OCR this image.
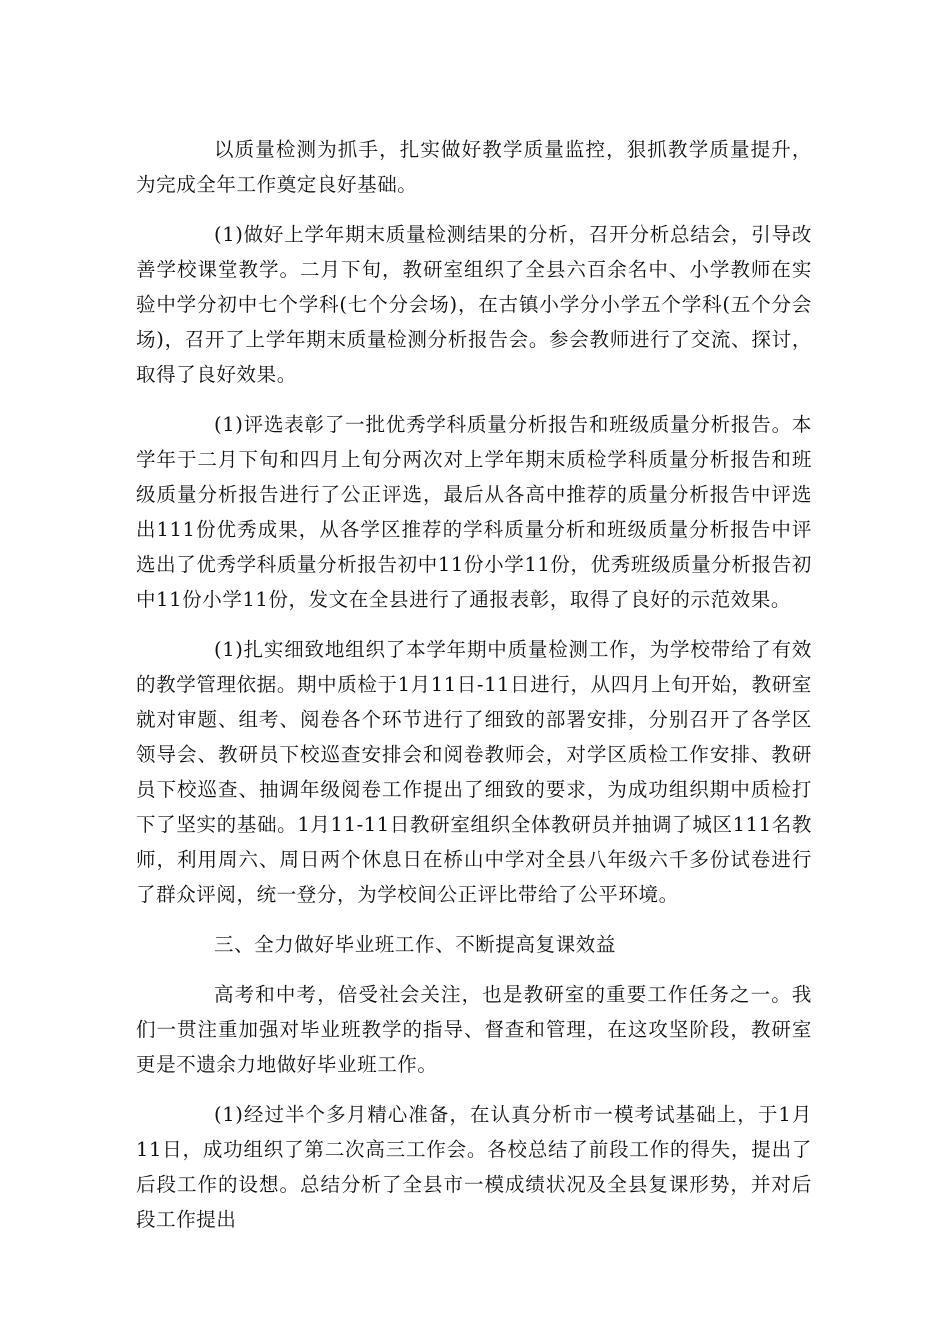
以质量检测为抓手，扎实做好教学质量监控，狠抓教学质量提升，为完成全年工作奠定良好基础。

(1)做好上学年期末质量检测结果的分析，召开分析总结会，引导改善学校课堂教学。二月下旬，教研室组织了全县六百余名中、小学教师在实验中学分初中七个学科(七个分会场)，在古镇小学分小学五个学科(五个分会场)，召开了上学年期末质量检测分析报告会。参会教师进行了交流、探讨，取得了良好效果。

(1)评选表彰了一批优秀学科质量分析报告和班级质量分析报告。本学年于二月下旬和四月上旬分两次对上学年期末质检学科质量分析报告和班级质量分析报告进行了公正评选，最后从各高中推荐的质量分析报告中评选出111份优秀成果，从各学区推荐的学科质量分析和班级质量分析报告中评选出了优秀学科质量分析报告初中11份小学11份，优秀班级质量分析报告初中11份小学11份，发文在全县进行了通报表彰，取得了良好的示范效果。

(1)扎实细致地组织了本学年期中质量检测工作，为学校带给了有效的教学管理依据。期中质检于1月11日-11日进行，从四月上旬开始，教研室就对审题、组考、阅卷各个环节进行了细致的部署安排，分别召开了各学区领导会、教研员下校巡查安排会和阅卷教师会，对学区质检工作安排、教研员下校巡查、抽调年级阅卷工作提出了细致的要求，为成功组织期中质检打下了坚实的基础。1月11-11日教研室组织全体教研员并抽调了城区111名教师，利用周六、周日两个休息日在桥山中学对全县八年级六千多份试卷进行了群众评阅，统一登分，为学校间公正评比带给了公平环境。

三、全力做好毕业班工作、不断提高复课效益

高考和中考，倍受社会关注，也是教研室的重要工作任务之一。我们一贯注重加强对毕业班教学的指导、督查和管理，在这攻坚阶段，教研室更是不遗余力地做好毕业班工作。

(1)经过半个多月精心准备，在认真分析市一模考试基础上，于1月11日，成功组织了第二次高三工作会。各校总结了前段工作的得失，提出了后段工作的设想。总结分析了全县市一模成绩状况及全县复课形势，并对后段工作提出
